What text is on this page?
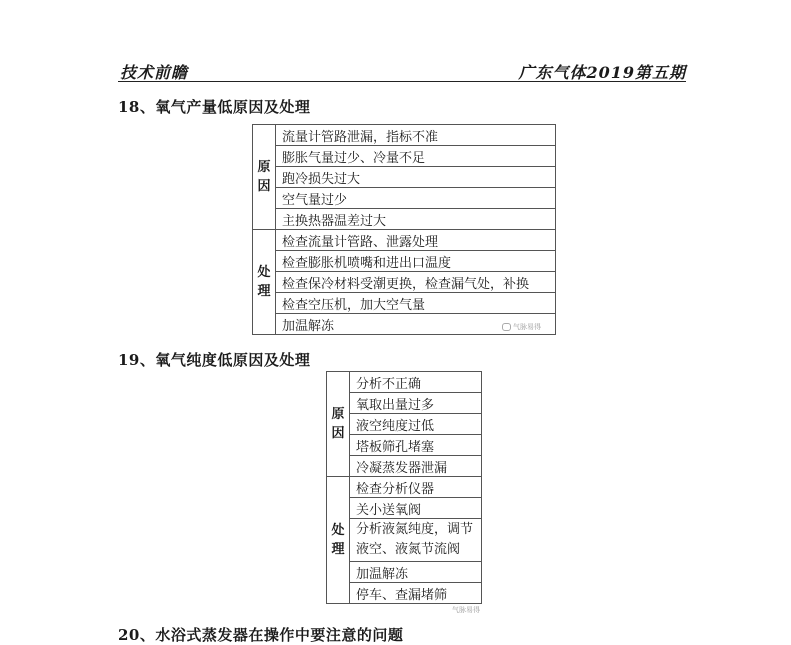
技术前瞻	广东气体2019第五期
18、氧气产量低原因及处理
原因	流量计管路泄漏，指标不准
	膨胀气量过少、冷量不足
	跑冷损失过大
	空气量过少
	主换热器温差过大
处理	检查流量计管路、泄露处理
	检查膨胀机喷嘴和进出口温度
	检查保冷材料受潮更换，检查漏气处，补换
	检查空压机，加大空气量
	加温解冻	气脉易得
19、氧气纯度低原因及处理
原因	分析不正确
	氧取出量过多
	液空纯度过低
	塔板筛孔堵塞
	冷凝蒸发器泄漏
处理	检查分析仪器
	关小送氧阀
	分析液氮纯度，调节液空、液氮节流阀
	加温解冻
	停车、查漏堵筛
气脉易得
20、水浴式蒸发器在操作中要注意的问题
